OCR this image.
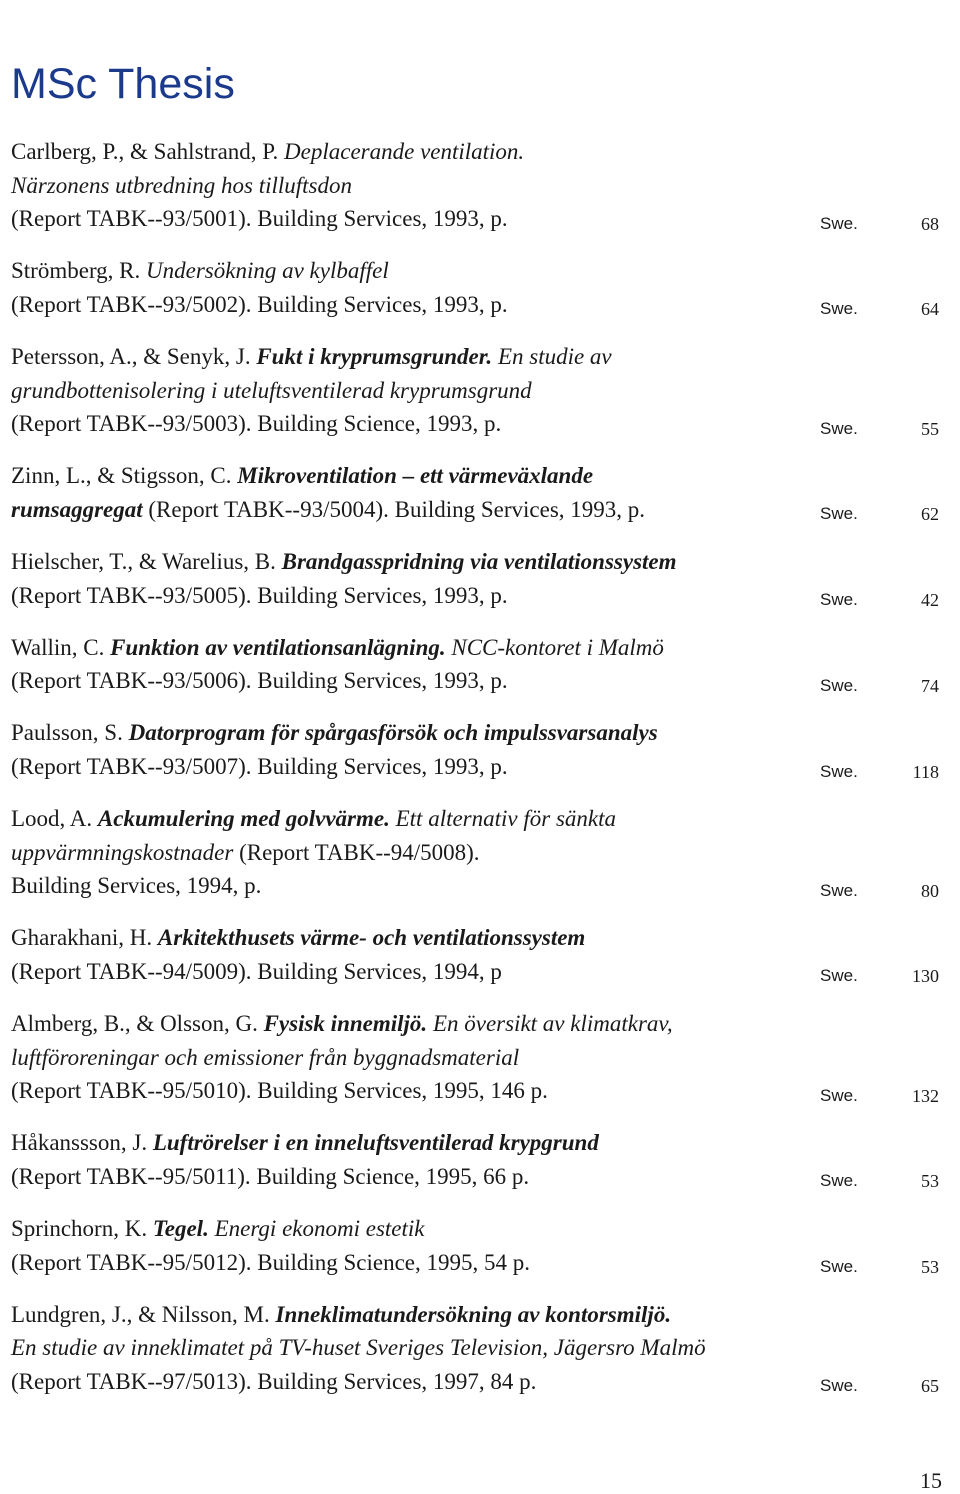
MSc Thesis
Carlberg, P., & Sahlstrand, P. Deplacerande ventilation.
Närzonens utbredning hos tilluftsdon
(Report TABK--93/5001). Building Services, 1993, p.	Swe.	68
Strömberg, R. Undersökning av kylbaffel
(Report TABK--93/5002). Building Services, 1993, p.	Swe.	64
Petersson, A., & Senyk, J. Fukt i kryprumsgrunder. En studie av
grundbottenisolering i uteluftsventilerad kryprumsgrund
(Report TABK--93/5003). Building Science, 1993, p.	Swe.	55
Zinn, L., & Stigsson, C. Mikroventilation – ett värmeväxlande
rumsaggregat (Report TABK--93/5004). Building Services, 1993, p.	Swe.	62
Hielscher, T., & Warelius, B. Brandgasspridning via ventilationssystem
(Report TABK--93/5005). Building Services, 1993, p.	Swe.	42
Wallin, C. Funktion av ventilationsanlägning. NCC-kontoret i Malmö
(Report TABK--93/5006). Building Services, 1993, p.	Swe.	74
Paulsson, S. Datorprogram för spårgasförsök och impulssvarsanalys
(Report TABK--93/5007). Building Services, 1993, p.	Swe.	118
Lood, A. Ackumulering med golvvärme. Ett alternativ för sänkta
uppvärmningskostnader (Report TABK--94/5008).
Building Services, 1994, p.	Swe.	80
Gharakhani, H. Arkitekthusets värme- och ventilationssystem
(Report TABK--94/5009). Building Services, 1994, p	Swe.	130
Almberg, B., & Olsson, G. Fysisk innemiljö. En översikt av klimatkrav,
luftföroreningar och emissioner från byggnadsmaterial
(Report TABK--95/5010). Building Services, 1995, 146 p.	Swe.	132
Håkanssson, J. Luftrörelser i en inneluftsventilerad krypgrund
(Report TABK--95/5011). Building Science, 1995, 66 p.	Swe.	53
Sprinchorn, K. Tegel. Energi ekonomi estetik
(Report TABK--95/5012). Building Science, 1995, 54 p.	Swe.	53
Lundgren, J., & Nilsson, M. Inneklimatundersökning av kontorsmiljö.
En studie av inneklimatet på TV-huset Sveriges Television, Jägersro Malmö
(Report TABK--97/5013). Building Services, 1997, 84 p.	Swe.	65
15
